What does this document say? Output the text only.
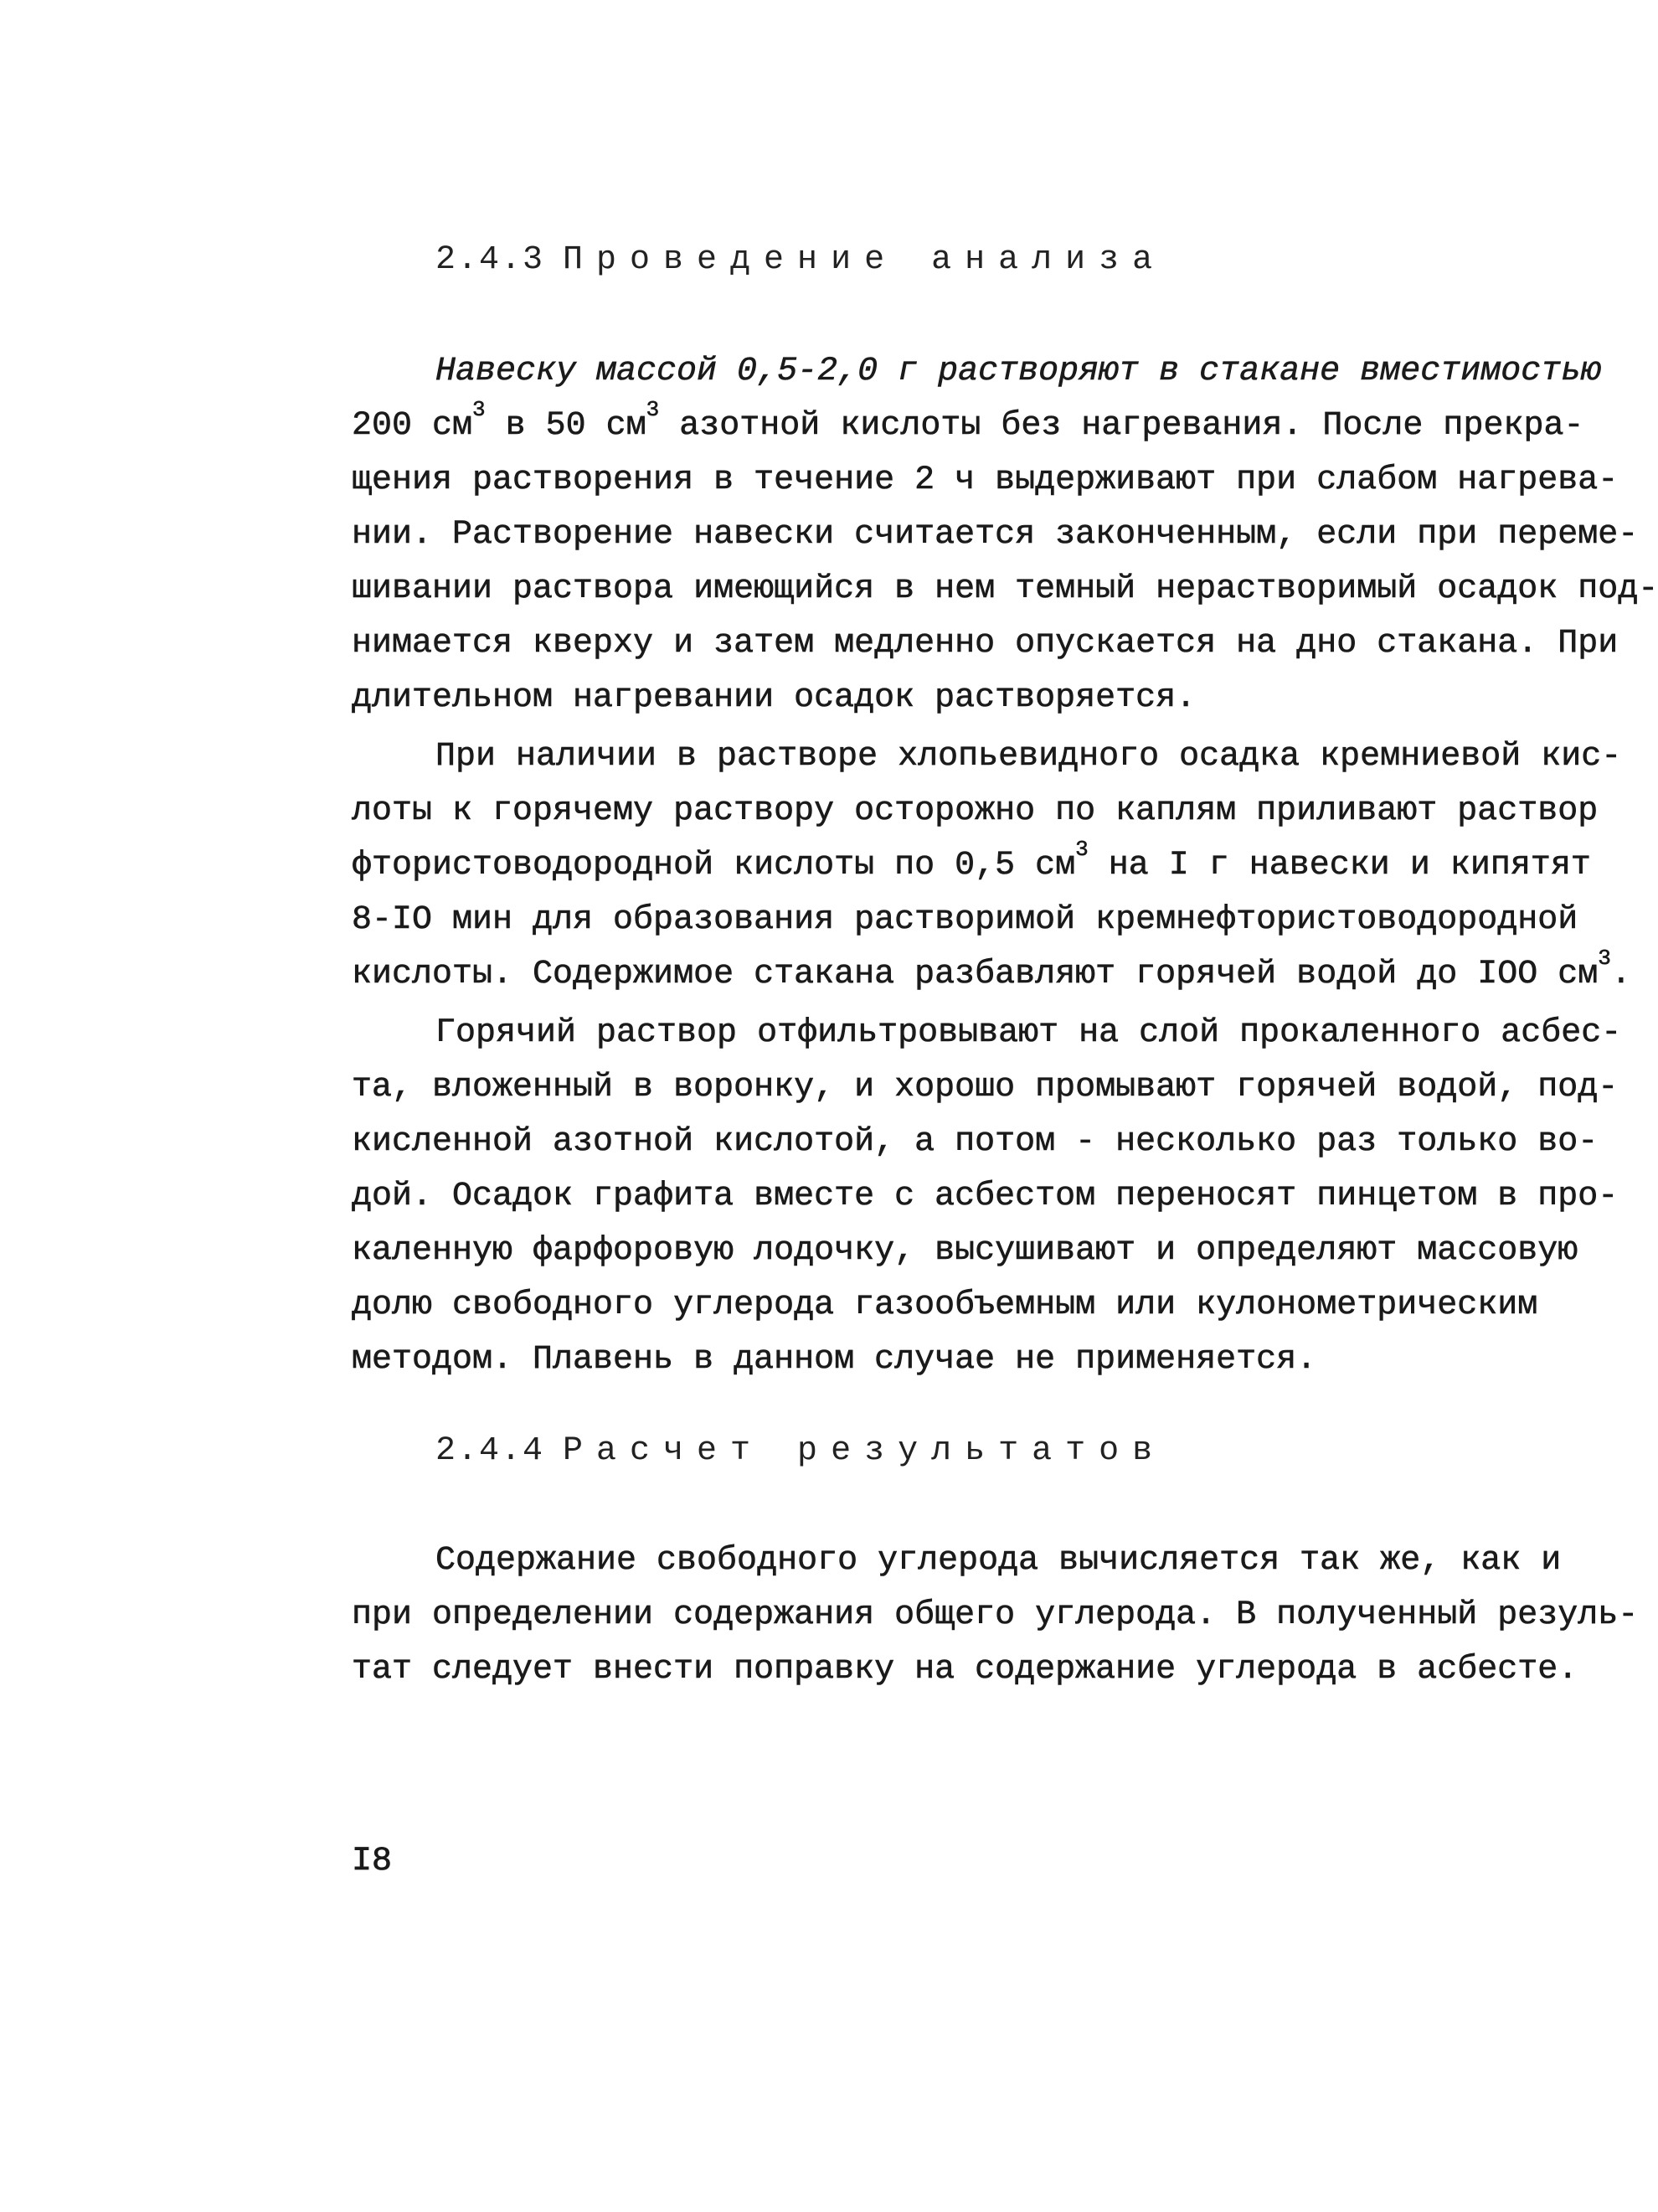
2.4.3 Проведение анализа
Навеску массой 0,5-2,0 г растворяют в стакане вместимостью
200 $см^3$ в 50 $см^3$ азотной кислоты без нагревания. После прекра-
щения растворения в течение 2 ч выдерживают при слабом нагрева-
нии. Растворение навески считается законченным, если при переме-
шивании раствора имеющийся в нем темный нерастворимый осадок под-
нимается кверху и затем медленно опускается на дно стакана. При
длительном нагревании осадок растворяется.
При наличии в растворе хлопьевидного осадка кремниевой кис-
лоты к горячему раствору осторожно по каплям приливают раствор
фтористоводородной кислоты по 0,5 $см^3$ на I г навески и кипятят
8-IO мин для образования растворимой кремнефтористоводородной
кислоты. Содержимое стакана разбавляют горячей водой до IOO $см^3$.
Горячий раствор отфильтровывают на слой прокаленного асбес-
та, вложенный в воронку, и хорошо промывают горячей водой, под-
кисленной азотной кислотой, а потом - несколько раз только во-
дой. Осадок графита вместе с асбестом переносят пинцетом в про-
каленную фарфоровую лодочку, высушивают и определяют массовую
долю свободного углерода газообъемным или кулонометрическим
методом. Плавень в данном случае не применяется.
2.4.4 Расчет результатов
Содержание свободного углерода вычисляется так же, как и
при определении содержания общего углерода. В полученный резуль-
тат следует внести поправку на содержание углерода в асбесте.
I8
